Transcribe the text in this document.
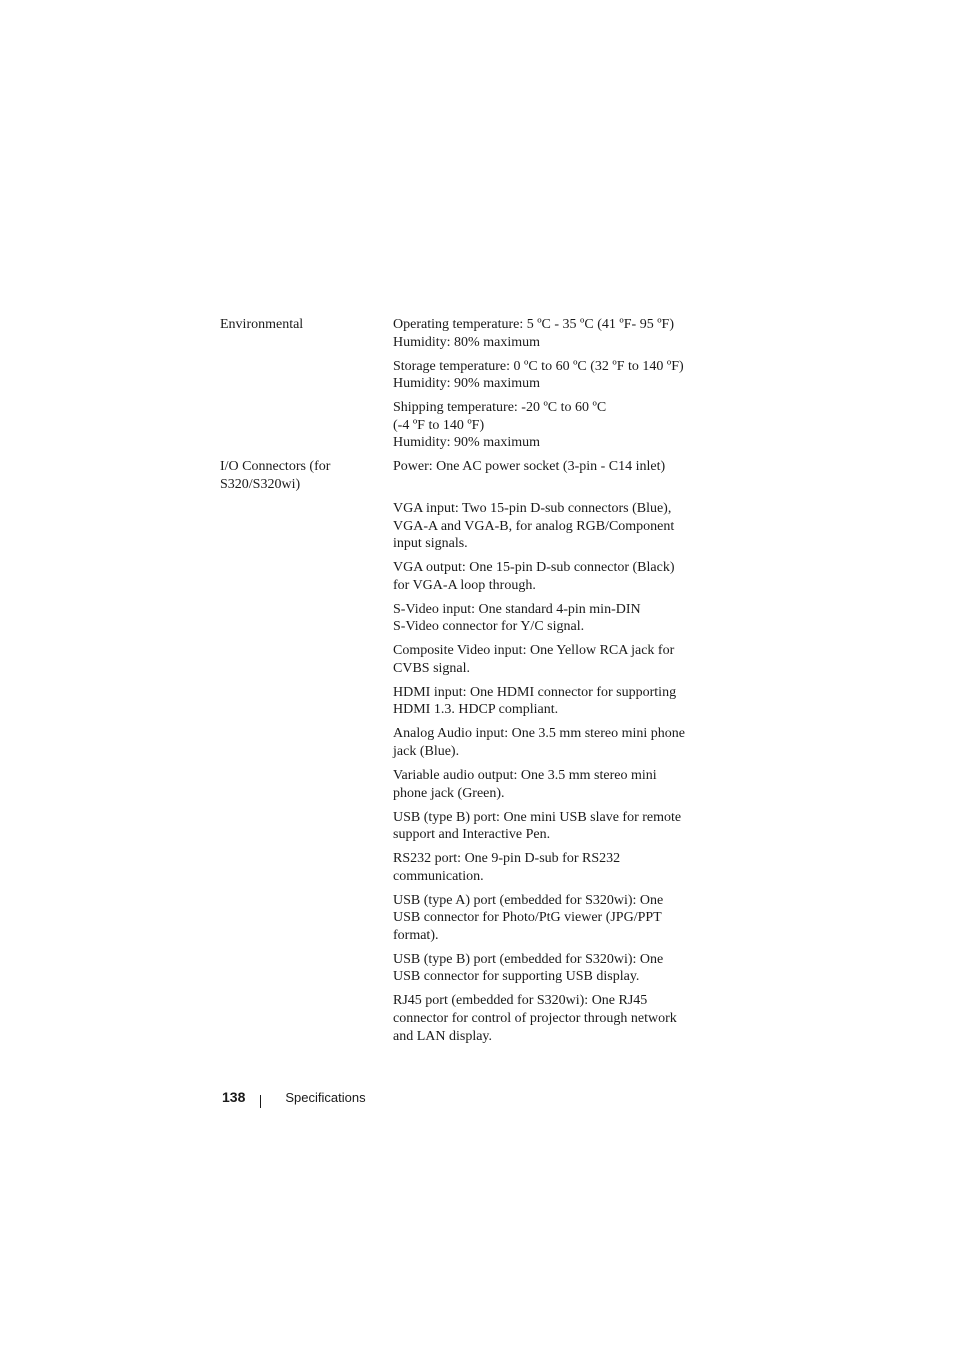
Environmental	Operating temperature: 5 ºC - 35 ºC (41 ºF- 95 ºF)
Humidity: 80% maximum
Storage temperature: 0 ºC to 60 ºC (32 ºF to 140 ºF)
Humidity: 90% maximum
Shipping temperature: -20 ºC to 60 ºC
(-4 ºF to 140 ºF)
Humidity: 90% maximum
I/O Connectors (for S320/S320wi)
Power: One AC power socket (3-pin - C14 inlet)

VGA input: Two 15-pin D-sub connectors (Blue),
VGA-A and VGA-B, for analog RGB/Component
input signals.
VGA output: One 15-pin D-sub connector (Black)
for VGA-A loop through.
S-Video input: One standard 4-pin min-DIN
S-Video connector for Y/C signal.
Composite Video input: One Yellow RCA jack for
CVBS signal.
HDMI input: One HDMI connector for supporting
HDMI 1.3. HDCP compliant.
Analog Audio input: One 3.5 mm stereo mini phone
jack (Blue).
Variable audio output: One 3.5 mm stereo mini
phone jack (Green).
USB (type B) port: One mini USB slave for remote
support and Interactive Pen.
RS232 port: One 9-pin D-sub for RS232
communication.
USB (type A) port (embedded for S320wi): One
USB connector for Photo/PtG viewer (JPG/PPT
format).
USB (type B) port (embedded for S320wi): One
USB connector for supporting USB display.
RJ45 port (embedded for S320wi): One RJ45
connector for control of projector through network
and LAN display.
138	Specifications
